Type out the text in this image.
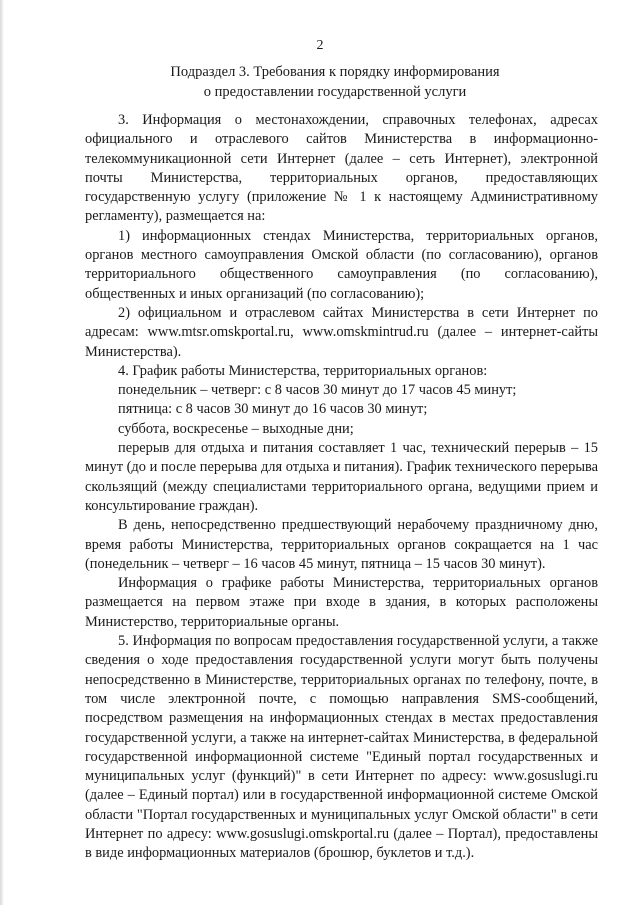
2
Подраздел 3. Требования к порядку информирования
о предоставлении государственной услуги

3. Информация о местонахождении, справочных телефонах, адресах официального и отраслевого сайтов Министерства в информационно-телекоммуникационной сети Интернет (далее – сеть Интернет), электронной почты Министерства, территориальных органов, предоставляющих государственную услугу (приложение № 1 к настоящему Административному регламенту), размещается на:

1) информационных стендах Министерства, территориальных органов, органов местного самоуправления Омской области (по согласованию), органов территориального общественного самоуправления (по согласованию), общественных и иных организаций (по согласованию);

2) официальном и отраслевом сайтах Министерства в сети Интернет по адресам: www.mtsr.omskportal.ru, www.omskmintrud.ru (далее – интернет-сайты Министерства).

4. График работы Министерства, территориальных органов:

понедельник – четверг: с 8 часов 30 минут до 17 часов 45 минут;

пятница: с 8 часов 30 минут до 16 часов 30 минут;

суббота, воскресенье – выходные дни;

перерыв для отдыха и питания составляет 1 час, технический перерыв – 15 минут (до и после перерыва для отдыха и питания). График технического перерыва скользящий (между специалистами территориального органа, ведущими прием и консультирование граждан).

В день, непосредственно предшествующий нерабочему праздничному дню, время работы Министерства, территориальных органов сокращается на 1 час (понедельник – четверг – 16 часов 45 минут, пятница – 15 часов 30 минут).

Информация о графике работы Министерства, территориальных органов размещается на первом этаже при входе в здания, в которых расположены Министерство, территориальные органы.

5. Информация по вопросам предоставления государственной услуги, а также сведения о ходе предоставления государственной услуги могут быть получены непосредственно в Министерстве, территориальных органах по телефону, почте, в том числе электронной почте, с помощью направления SMS-сообщений, посредством размещения на информационных стендах в местах предоставления государственной услуги, а также на интернет-сайтах Министерства, в федеральной государственной информационной системе "Единый портал государственных и муниципальных услуг (функций)" в сети Интернет по адресу: www.gosuslugi.ru (далее – Единый портал) или в государственной информационной системе Омской области "Портал государственных и муниципальных услуг Омской области" в сети Интернет по адресу: www.gosuslugi.omskportal.ru (далее – Портал), предоставлены в виде информационных материалов (брошюр, буклетов и т.д.).
